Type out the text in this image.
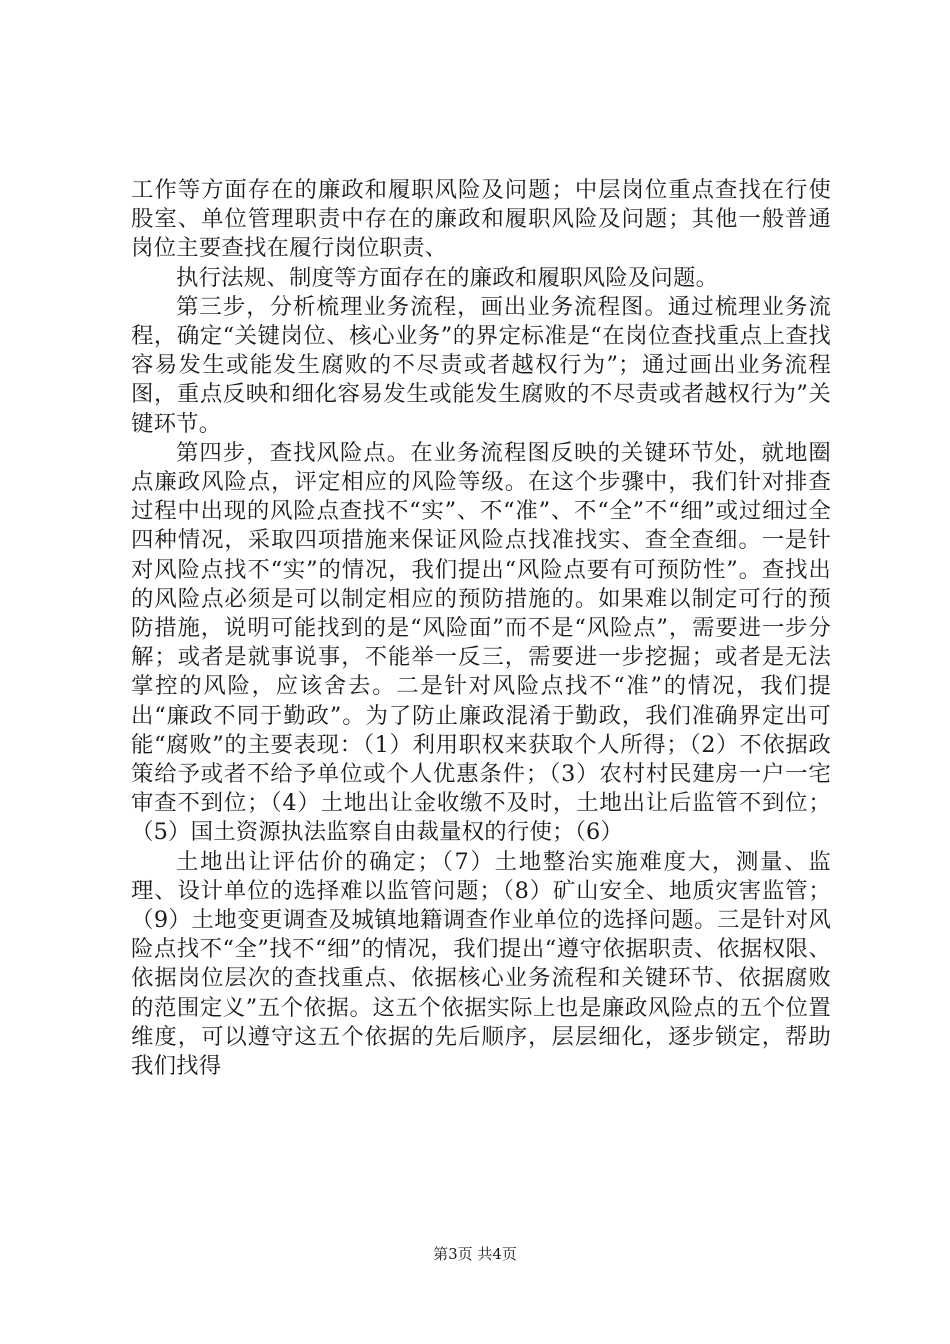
工作等方面存在的廉政和履职风险及问题；中层岗位重点查找在行使股室、单位管理职责中存在的廉政和履职风险及问题；其他一般普通岗位主要查找在履行岗位职责、

执行法规、制度等方面存在的廉政和履职风险及问题。

第三步，分析梳理业务流程，画出业务流程图。通过梳理业务流程，确定“关键岗位、核心业务”的界定标准是“在岗位查找重点上查找容易发生或能发生腐败的不尽责或者越权行为”；通过画出业务流程图，重点反映和细化容易发生或能发生腐败的不尽责或者越权行为”关键环节。

第四步，查找风险点。在业务流程图反映的关键环节处，就地圈点廉政风险点，评定相应的风险等级。在这个步骤中，我们针对排查过程中出现的风险点查找不“实”、不“准”、不“全”不“细”或过细过全四种情况，采取四项措施来保证风险点找准找实、查全查细。一是针对风险点找不“实”的情况，我们提出“风险点要有可预防性”。查找出的风险点必须是可以制定相应的预防措施的。如果难以制定可行的预防措施，说明可能找到的是“风险面”而不是“风险点”，需要进一步分解；或者是就事说事，不能举一反三，需要进一步挖掘；或者是无法掌控的风险，应该舍去。二是针对风险点找不“准”的情况，我们提出“廉政不同于勤政”。为了防止廉政混淆于勤政，我们准确界定出可能“腐败”的主要表现：（1）利用职权来获取个人所得；（2）不依据政策给予或者不给予单位或个人优惠条件；（3）农村村民建房一户一宅审查不到位；（4）土地出让金收缴不及时，土地出让后监管不到位；（5）国土资源执法监察自由裁量权的行使；（6）

土地出让评估价的确定；（7）土地整治实施难度大，测量、监理、设计单位的选择难以监管问题；（8）矿山安全、地质灾害监管；（9）土地变更调查及城镇地籍调查作业单位的选择问题。三是针对风险点找不“全”找不“细”的情况，我们提出“遵守依据职责、依据权限、依据岗位层次的查找重点、依据核心业务流程和关键环节、依据腐败的范围定义”五个依据。这五个依据实际上也是廉政风险点的五个位置维度，可以遵守这五个依据的先后顺序，层层细化，逐步锁定，帮助我们找得

第3页 共4页
